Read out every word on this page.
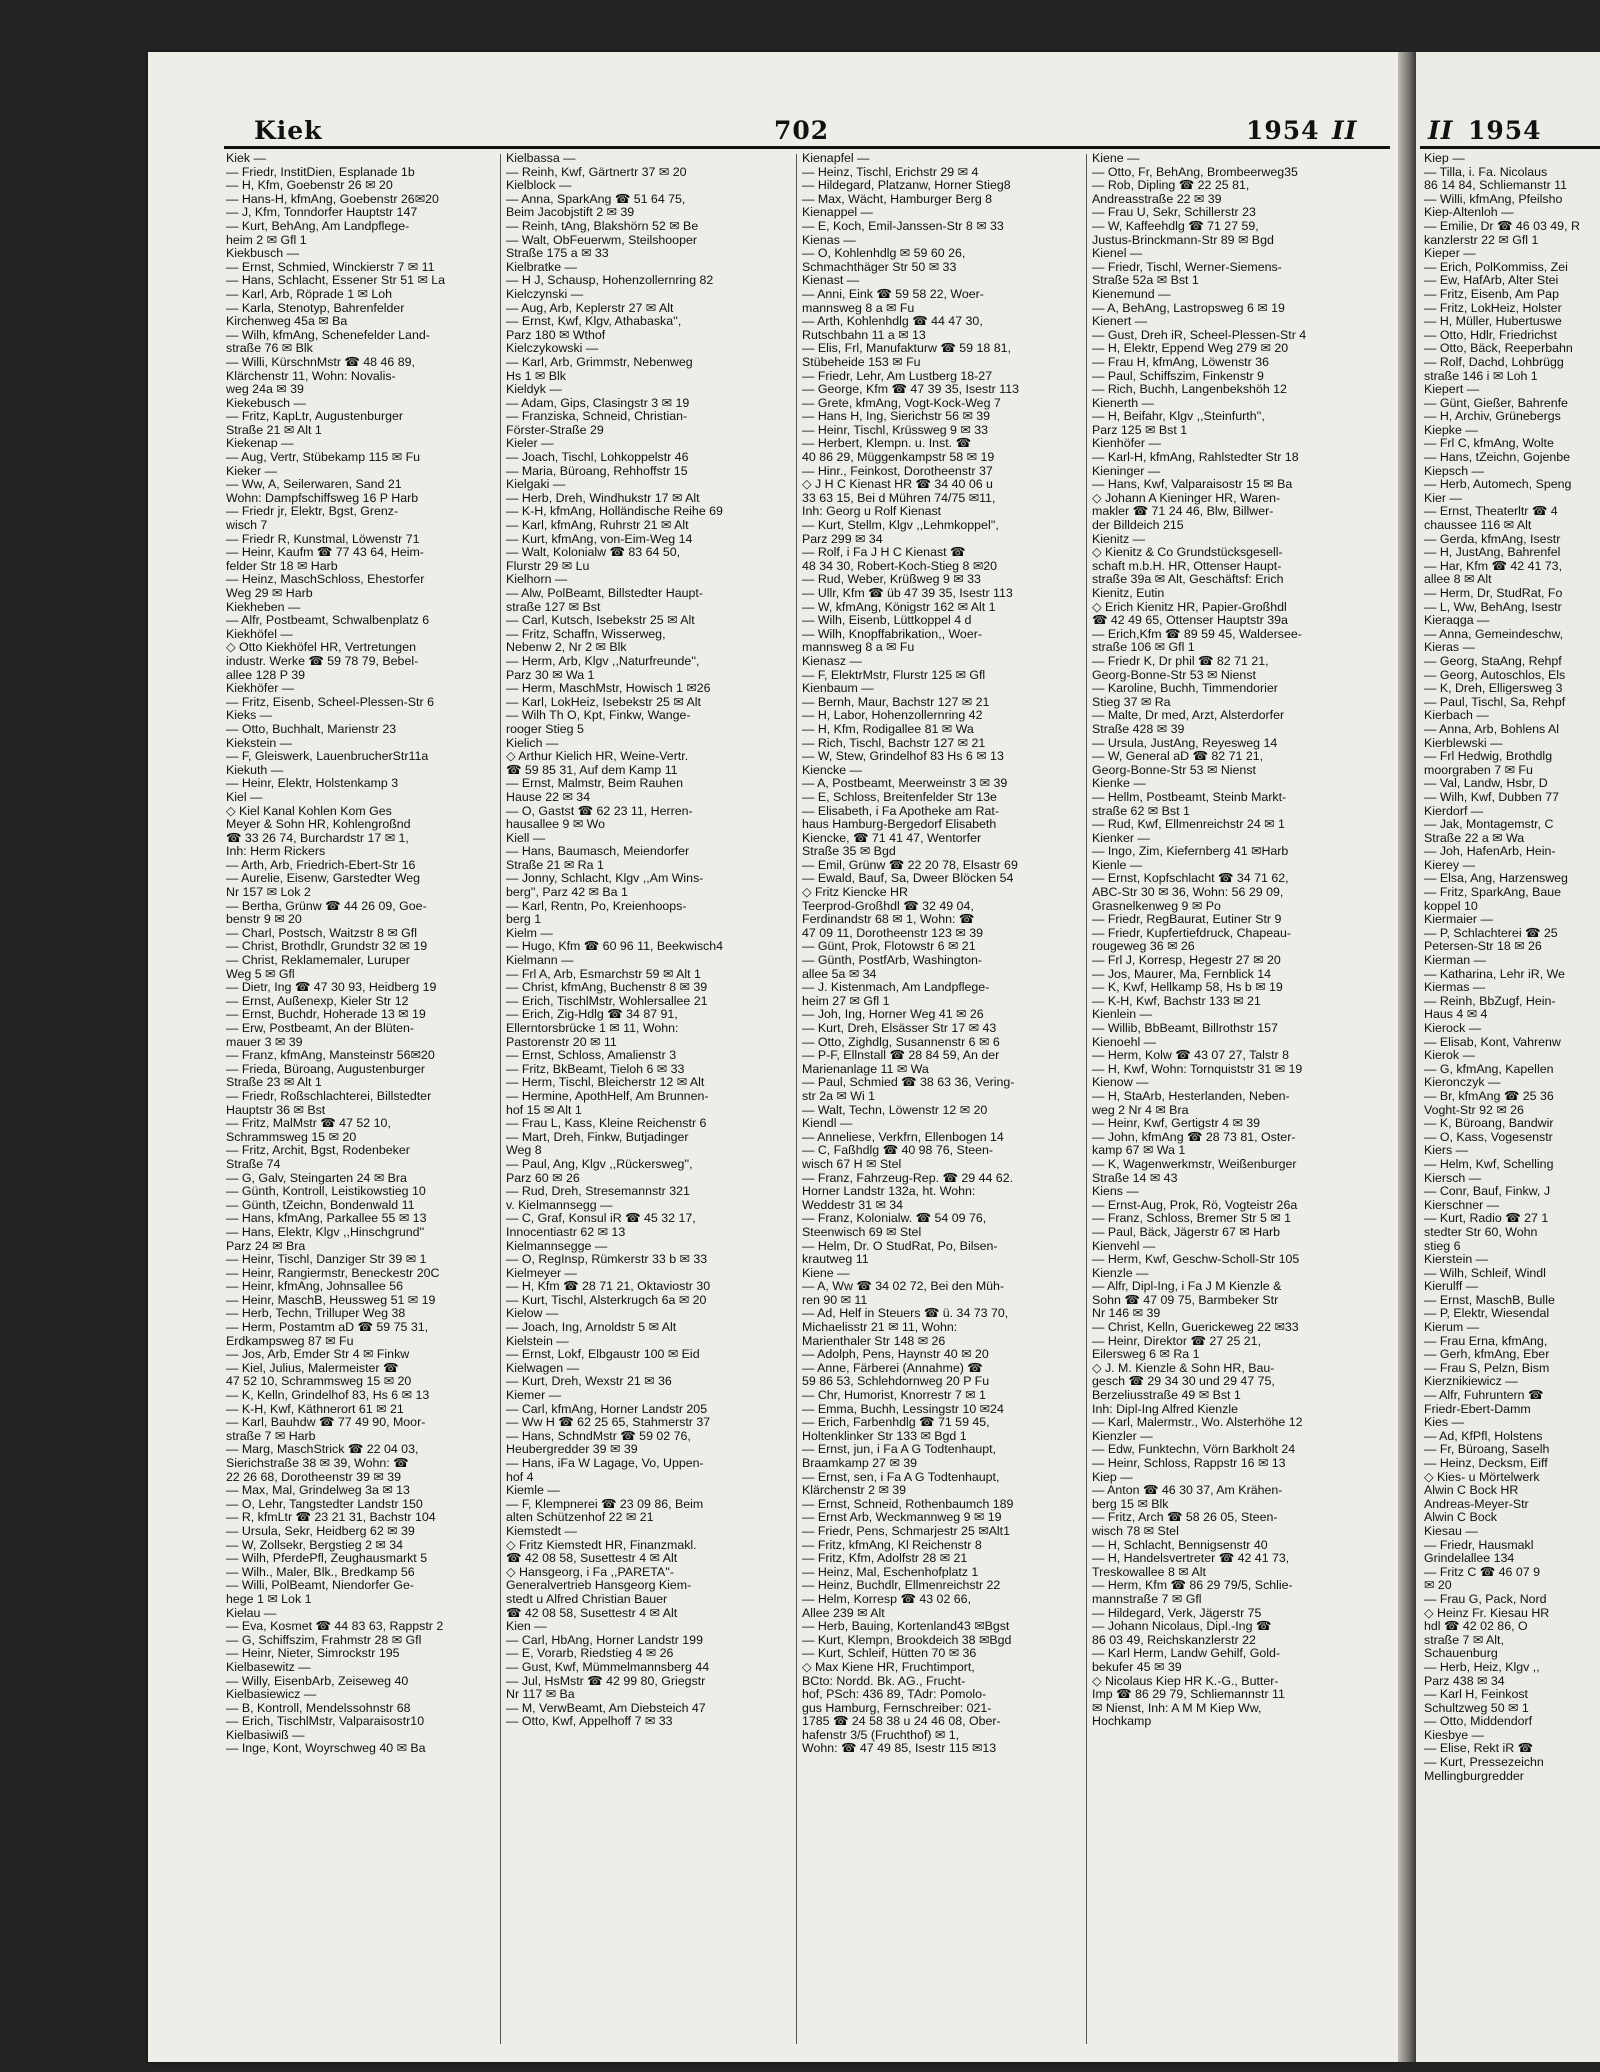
Kiek	702	1954 II	II 1954
Kiek —
— Friedr, InstitDien, Esplanade 1b
— H, Kfm, Goebenstr 26 ✉ 20
— Hans-H, kfmAng, Goebenstr 26✉20
— J, Kfm, Tonndorfer Hauptstr 147
— Kurt, BehAng, Am Landpflege-
heim 2 ✉ Gfl 1
Kiekbusch —
— Ernst, Schmied, Winckierstr 7 ✉ 11
— Hans, Schlacht, Essener Str 51 ✉ La
— Karl, Arb, Röprade 1 ✉ Loh
— Karla, Stenotyp, Bahrenfelder
Kirchenweg 45a ✉ Ba
— Wilh, kfmAng, Schenefelder Land-
straße 76 ✉ Blk
— Willi, KürschnMstr ☎ 48 46 89,
Klärchenstr 11, Wohn: Novalis-
weg 24a ✉ 39
Kiekebusch —
— Fritz, KapLtr, Augustenburger
Straße 21 ✉ Alt 1
Kiekenap —
— Aug, Vertr, Stübekamp 115 ✉ Fu
Kieker —
— Ww, A, Seilerwaren, Sand 21
Wohn: Dampfschiffsweg 16 P Harb
— Friedr jr, Elektr, Bgst, Grenz-
wisch 7
— Friedr R, Kunstmal, Löwenstr 71
— Heinr, Kaufm ☎ 77 43 64, Heim-
felder Str 18 ✉ Harb
— Heinz, MaschSchloss, Ehestorfer
Weg 29 ✉ Harb
Kiekheben —
— Alfr, Postbeamt, Schwalbenplatz 6
Kiekhöfel —
◇ Otto Kiekhöfel HR, Vertretungen
industr. Werke ☎ 59 78 79, Bebel-
allee 128 P 39
Kiekhöfer —
— Fritz, Eisenb, Scheel-Plessen-Str 6
Kieks —
— Otto, Buchhalt, Marienstr 23
Kiekstein —
— F, Gleiswerk, LauenbrucherStr11a
Kiekuth —
— Heinr, Elektr, Holstenkamp 3
Kiel —
◇ Kiel Kanal Kohlen Kom Ges
Meyer & Sohn HR, Kohlengroßnd
☎ 33 26 74, Burchardstr 17 ✉ 1,
Inh: Herm Rickers
— Arth, Arb, Friedrich-Ebert-Str 16
— Aurelie, Eisenw, Garstedter Weg
Nr 157 ✉ Lok 2
— Bertha, Grünw ☎ 44 26 09, Goe-
benstr 9 ✉ 20
— Charl, Postsch, Waitzstr 8 ✉ Gfl
— Christ, Brothdlr, Grundstr 32 ✉ 19
— Christ, Reklamemaler, Luruper
Weg 5 ✉ Gfl
— Dietr, Ing ☎ 47 30 93, Heidberg 19
— Ernst, Außenexp, Kieler Str 12
— Ernst, Buchdr, Hoherade 13 ✉ 19
— Erw, Postbeamt, An der Blüten-
mauer 3 ✉ 39
— Franz, kfmAng, Mansteinstr 56✉20
— Frieda, Büroang, Augustenburger
Straße 23 ✉ Alt 1
— Friedr, Roßschlachterei, Billstedter
Hauptstr 36 ✉ Bst
— Fritz, MalMstr ☎ 47 52 10,
Schrammsweg 15 ✉ 20
— Fritz, Archit, Bgst, Rodenbeker
Straße 74
— G, Galv, Steingarten 24 ✉ Bra
— Günth, Kontroll, Leistikowstieg 10
— Günth, tZeichn, Bondenwald 11
— Hans, kfmAng, Parkallee 55 ✉ 13
— Hans, Elektr, Klgv ,,Hinschgrund''
Parz 24 ✉ Bra
— Heinr, Tischl, Danziger Str 39 ✉ 1
— Heinr, Rangiermstr, Beneckestr 20C
— Heinr, kfmAng, Johnsallee 56
— Heinr, MaschB, Heussweg 51 ✉ 19
— Herb, Techn, Trilluper Weg 38
— Herm, Postamtm aD ☎ 59 75 31,
Erdkampsweg 87 ✉ Fu
— Jos, Arb, Emder Str 4 ✉ Finkw
— Kiel, Julius, Malermeister ☎
47 52 10, Schrammsweg 15 ✉ 20
— K, Kelln, Grindelhof 83, Hs 6 ✉ 13
— K-H, Kwf, Käthnerort 61 ✉ 21
— Karl, Bauhdw ☎ 77 49 90, Moor-
straße 7 ✉ Harb
— Marg, MaschStrick ☎ 22 04 03,
Sierichstraße 38 ✉ 39, Wohn: ☎
22 26 68, Dorotheenstr 39 ✉ 39
— Max, Mal, Grindelweg 3a ✉ 13
— O, Lehr, Tangstedter Landstr 150
— R, kfmLtr ☎ 23 21 31, Bachstr 104
— Ursula, Sekr, Heidberg 62 ✉ 39
— W, Zollsekr, Bergstieg 2 ✉ 34
— Wilh, PferdePfl, Zeughausmarkt 5
— Wilh., Maler, Blk., Bredkamp 56
— Willi, PolBeamt, Niendorfer Ge-
hege 1 ✉ Lok 1
Kielau —
— Eva, Kosmet ☎ 44 83 63, Rappstr 2
— G, Schiffszim, Frahmstr 28 ✉ Gfl
— Heinr, Nieter, Simrockstr 195
Kielbasewitz —
— Willy, EisenbArb, Zeiseweg 40
Kielbasiewicz —
— B, Kontroll, Mendelssohnstr 68
— Erich, TischlMstr, Valparaisostr10
Kielbasiwiß —
— Inge, Kont, Woyrschweg 40 ✉ Ba
Kielbassa —
— Reinh, Kwf, Gärtnertr 37 ✉ 20
Kielblock —
— Anna, SparkAng ☎ 51 64 75,
Beim Jacobjstift 2 ✉ 39
— Reinh, tAng, Blakshörn 52 ✉ Be
— Walt, ObFeuerwm, Steilshooper
Straße 175 a ✉ 33
Kielbratke —
— H J, Schausp, Hohenzollernring 82
Kielczynski —
— Aug, Arb, Keplerstr 27 ✉ Alt
— Ernst, Kwf, Klgv, Athabaska'',
Parz 180 ✉ Wthof
Kielczykowski —
— Karl, Arb, Grimmstr, Nebenweg
Hs 1 ✉ Blk
Kieldyk —
— Adam, Gips, Clasingstr 3 ✉ 19
— Franziska, Schneid, Christian-
Förster-Straße 29
Kieler —
— Joach, Tischl, Lohkoppelstr 46
— Maria, Büroang, Rehhoffstr 15
Kielgaki —
— Herb, Dreh, Windhukstr 17 ✉ Alt
— K-H, kfmAng, Holländische Reihe 69
— Karl, kfmAng, Ruhrstr 21 ✉ Alt
— Kurt, kfmAng, von-Eim-Weg 14
— Walt, Kolonialw ☎ 83 64 50,
Flurstr 29 ✉ Lu
Kielhorn —
— Alw, PolBeamt, Billstedter Haupt-
straße 127 ✉ Bst
— Carl, Kutsch, Isebekstr 25 ✉ Alt
— Fritz, Schaffn, Wisserweg,
Nebenw 2, Nr 2 ✉ Blk
— Herm, Arb, Klgv ,,Naturfreunde'',
Parz 30 ✉ Wa 1
— Herm, MaschMstr, Howisch 1 ✉26
— Karl, LokHeiz, Isebekstr 25 ✉ Alt
— Wilh Th O, Kpt, Finkw, Wange-
rooger Stieg 5
Kielich —
◇ Arthur Kielich HR, Weine-Vertr.
☎ 59 85 31, Auf dem Kamp 11
— Ernst, Malmstr, Beim Rauhen
Hause 22 ✉ 34
— O, Gastst ☎ 62 23 11, Herren-
hausallee 9 ✉ Wo
Kiell —
— Hans, Baumasch, Meiendorfer
Straße 21 ✉ Ra 1
— Jonny, Schlacht, Klgv ,,Am Wins-
berg'', Parz 42 ✉ Ba 1
— Karl, Rentn, Po, Kreienhoops-
berg 1
Kielm —
— Hugo, Kfm ☎ 60 96 11, Beekwisch4
Kielmann —
— Frl A, Arb, Esmarchstr 59 ✉ Alt 1
— Christ, kfmAng, Buchenstr 8 ✉ 39
— Erich, TischlMstr, Wohlersallee 21
— Erich, Zig-Hdlg ☎ 34 87 91,
Ellerntorsbrücke 1 ✉ 11, Wohn:
Pastorenstr 20 ✉ 11
— Ernst, Schloss, Amalienstr 3
— Fritz, BkBeamt, Tieloh 6 ✉ 33
— Herm, Tischl, Bleicherstr 12 ✉ Alt
— Hermine, ApothHelf, Am Brunnen-
hof 15 ✉ Alt 1
— Frau L, Kass, Kleine Reichenstr 6
— Mart, Dreh, Finkw, Butjadinger
Weg 8
— Paul, Ang, Klgv ,,Rückersweg'',
Parz 60 ✉ 26
— Rud, Dreh, Stresemannstr 321
v. Kielmannsegg —
— C, Graf, Konsul iR ☎ 45 32 17,
Innocentiastr 62 ✉ 13
Kielmannsegge —
— O, RegInsp, Rümkerstr 33 b ✉ 33
Kielmeyer —
— H, Kfm ☎ 28 71 21, Oktaviostr 30
— Kurt, Tischl, Alsterkrugch 6a ✉ 20
Kielow —
— Joach, Ing, Arnoldstr 5 ✉ Alt
Kielstein —
— Ernst, Lokf, Elbgaustr 100 ✉ Eid
Kielwagen —
— Kurt, Dreh, Wexstr 21 ✉ 36
Kiemer —
— Carl, kfmAng, Horner Landstr 205
— Ww H ☎ 62 25 65, Stahmerstr 37
— Hans, SchndMstr ☎ 59 02 76,
Heubergredder 39 ✉ 39
— Hans, iFa W Lagage, Vo, Uppen-
hof 4
Kiemle —
— F, Klempnerei ☎ 23 09 86, Beim
alten Schützenhof 22 ✉ 21
Kiemstedt —
◇ Fritz Kiemstedt HR, Finanzmakl.
☎ 42 08 58, Susettestr 4 ✉ Alt
◇ Hansgeorg, i Fa ,,PARETA''-
Generalvertrieb Hansgeorg Kiem-
stedt u Alfred Christian Bauer
☎ 42 08 58, Susettestr 4 ✉ Alt
Kien —
— Carl, HbAng, Horner Landstr 199
— E, Vorarb, Riedstieg 4 ✉ 26
— Gust, Kwf, Mümmelmannsberg 44
— Jul, HsMstr ☎ 42 99 80, Griegstr
Nr 117 ✉ Ba
— M, VerwBeamt, Am Diebsteich 47
— Otto, Kwf, Appelhoff 7 ✉ 33
Kienapfel —
— Heinz, Tischl, Erichstr 29 ✉ 4
— Hildegard, Platzanw, Horner Stieg8
— Max, Wächt, Hamburger Berg 8
Kienappel —
— E, Koch, Emil-Janssen-Str 8 ✉ 33
Kienas —
— O, Kohlenhdlg ✉ 59 60 26,
Schmachthäger Str 50 ✉ 33
Kienast —
— Anni, Eink ☎ 59 58 22, Woer-
mannsweg 8 a ✉ Fu
— Arth, Kohlenhdlg ☎ 44 47 30,
Rutschbahn 11 a ✉ 13
— Elis, Frl, Manufakturw ☎ 59 18 81,
Stübeheide 153 ✉ Fu
— Friedr, Lehr, Am Lustberg 18-27
— George, Kfm ☎ 47 39 35, Isestr 113
— Grete, kfmAng, Vogt-Kock-Weg 7
— Hans H, Ing, Sierichstr 56 ✉ 39
— Heinr, Tischl, Krüssweg 9 ✉ 33
— Herbert, Klempn. u. Inst. ☎
40 86 29, Müggenkampstr 58 ✉ 19
— Hinr., Feinkost, Dorotheenstr 37
◇ J H C Kienast HR ☎ 34 40 06 u
33 63 15, Bei d Mühren 74/75 ✉11,
Inh: Georg u Rolf Kienast
— Kurt, Stellm, Klgv ,,Lehmkoppel'',
Parz 299 ✉ 34
— Rolf, i Fa J H C Kienast ☎
48 34 30, Robert-Koch-Stieg 8 ✉20
— Rud, Weber, Krüßweg 9 ✉ 33
— Ullr, Kfm ☎ üb 47 39 35, Isestr 113
— W, kfmAng, Königstr 162 ✉ Alt 1
— Wilh, Eisenb, Lüttkoppel 4 d
— Wilh, Knopffabrikation,, Woer-
mannsweg 8 a ✉ Fu
Kienasz —
— F, ElektrMstr, Flurstr 125 ✉ Gfl
Kienbaum —
— Bernh, Maur, Bachstr 127 ✉ 21
— H, Labor, Hohenzollernring 42
— H, Kfm, Rodigallee 81 ✉ Wa
— Rich, Tischl, Bachstr 127 ✉ 21
— W, Stew, Grindelhof 83 Hs 6 ✉ 13
Kiencke —
— A, Postbeamt, Meerweinstr 3 ✉ 39
— E, Schloss, Breitenfelder Str 13e
— Elisabeth, i Fa Apotheke am Rat-
haus Hamburg-Bergedorf Elisabeth
Kiencke, ☎ 71 41 47, Wentorfer
Straße 35 ✉ Bgd
— Emil, Grünw ☎ 22 20 78, Elsastr 69
— Ewald, Bauf, Sa, Dweer Blöcken 54
◇ Fritz Kiencke HR
Teerprod-Großhdl ☎ 32 49 04,
Ferdinandstr 68 ✉ 1, Wohn: ☎
47 09 11, Dorotheenstr 123 ✉ 39
— Günt, Prok, Flotowstr 6 ✉ 21
— Günth, PostfArb, Washington-
allee 5a ✉ 34
— J. Kistenmach, Am Landpflege-
heim 27 ✉ Gfl 1
— Joh, Ing, Horner Weg 41 ✉ 26
— Kurt, Dreh, Elsässer Str 17 ✉ 43
— Otto, Zighdlg, Susannenstr 6 ✉ 6
— P-F, Ellnstall ☎ 28 84 59, An der
Marienanlage 11 ✉ Wa
— Paul, Schmied ☎ 38 63 36, Vering-
str 2a ✉ Wi 1
— Walt, Techn, Löwenstr 12 ✉ 20
Kiendl —
— Anneliese, Verkfrn, Ellenbogen 14
— C, Faßhdlg ☎ 40 98 76, Steen-
wisch 67 H ✉ Stel
— Franz, Fahrzeug-Rep. ☎ 29 44 62.
Horner Landstr 132a, ht. Wohn:
Weddestr 31 ✉ 34
— Franz, Kolonialw. ☎ 54 09 76,
Steenwisch 69 ✉ Stel
— Helm, Dr. O StudRat, Po, Bilsen-
krautweg 11
Kiene —
— A, Ww ☎ 34 02 72, Bei den Müh-
ren 90 ✉ 11
— Ad, Helf in Steuers ☎ ü. 34 73 70,
Michaelisstr 21 ✉ 11, Wohn:
Marienthaler Str 148 ✉ 26
— Adolph, Pens, Haynstr 40 ✉ 20
— Anne, Färberei (Annahme) ☎
59 86 53, Schlehdornweg 20 P Fu
— Chr, Humorist, Knorrestr 7 ✉ 1
— Emma, Buchh, Lessingstr 10 ✉24
— Erich, Farbenhdlg ☎ 71 59 45,
Holtenklinker Str 133 ✉ Bgd 1
— Ernst, jun, i Fa A G Todtenhaupt,
Braamkamp 27 ✉ 39
— Ernst, sen, i Fa A G Todtenhaupt,
Klärchenstr 2 ✉ 39
— Ernst, Schneid, Rothenbaumch 189
— Ernst Arb, Weckmannweg 9 ✉ 19
— Friedr, Pens, Schmarjestr 25 ✉Alt1
— Fritz, kfmAng, Kl Reichenstr 8
— Fritz, Kfm, Adolfstr 28 ✉ 21
— Heinz, Mal, Eschenhofplatz 1
— Heinz, Buchdlr, Ellmenreichstr 22
— Helm, Korresp ☎ 43 02 66,
Allee 239 ✉ Alt
— Herb, Bauing, Kortenland43 ✉Bgst
— Kurt, Klempn, Brookdeich 38 ✉Bgd
— Kurt, Schleif, Hütten 70 ✉ 36
◇ Max Kiene HR, Fruchtimport,
BCto: Nordd. Bk. AG., Frucht-
hof, PSch: 436 89, TAdr: Pomolo-
gus Hamburg, Fernschreiber: 021-
1785 ☎ 24 58 38 u 24 46 08, Ober-
hafenstr 3/5 (Fruchthof) ✉ 1,
Wohn: ☎ 47 49 85, Isestr 115 ✉13
Kiene —
— Otto, Fr, BehAng, Brombeerweg35
— Rob, Dipling ☎ 22 25 81,
Andreasstraße 22 ✉ 39
— Frau U, Sekr, Schillerstr 23
— W, Kaffeehdlg ☎ 71 27 59,
Justus-Brinckmann-Str 89 ✉ Bgd
Kienel —
— Friedr, Tischl, Werner-Siemens-
Straße 52a ✉ Bst 1
Kienemund —
— A, BehAng, Lastropsweg 6 ✉ 19
Kienert —
— Gust, Dreh iR, Scheel-Plessen-Str 4
— H, Elektr, Eppend Weg 279 ✉ 20
— Frau H, kfmAng, Löwenstr 36
— Paul, Schiffszim, Finkenstr 9
— Rich, Buchh, Langenbekshöh 12
Kienerth —
— H, Beifahr, Klgv ,,Steinfurth'',
Parz 125 ✉ Bst 1
Kienhöfer —
— Karl-H, kfmAng, Rahlstedter Str 18
Kieninger —
— Hans, Kwf, Valparaisostr 15 ✉ Ba
◇ Johann A Kieninger HR, Waren-
makler ☎ 71 24 46, Blw, Billwer-
der Billdeich 215
Kienitz —
◇ Kienitz & Co Grundstücksgesell-
schaft m.b.H. HR, Ottenser Haupt-
straße 39a ✉ Alt, Geschäftsf: Erich
Kienitz, Eutin
◇ Erich Kienitz HR, Papier-Großhdl
☎ 42 49 65, Ottenser Hauptstr 39a
— Erich,Kfm ☎ 89 59 45, Waldersee-
straße 106 ✉ Gfl 1
— Friedr K, Dr phil ☎ 82 71 21,
Georg-Bonne-Str 53 ✉ Nienst
— Karoline, Buchh, Timmendorier
Stieg 37 ✉ Ra
— Malte, Dr med, Arzt, Alsterdorfer
Straße 428 ✉ 39
— Ursula, JustAng, Reyesweg 14
— W, General aD ☎ 82 71 21,
Georg-Bonne-Str 53 ✉ Nienst
Kienke —
— Hellm, Postbeamt, Steinb Markt-
straße 62 ✉ Bst 1
— Rud, Kwf, Ellmenreichstr 24 ✉ 1
Kienker —
— Ingo, Zim, Kiefernberg 41 ✉Harb
Kienle —
— Ernst, Kopfschlacht ☎ 34 71 62,
ABC-Str 30 ✉ 36, Wohn: 56 29 09,
Grasnelkenweg 9 ✉ Po
— Friedr, RegBaurat, Eutiner Str 9
— Friedr, Kupfertiefdruck, Chapeau-
rougeweg 36 ✉ 26
— Frl J, Korresp, Hegestr 27 ✉ 20
— Jos, Maurer, Ma, Fernblick 14
— K, Kwf, Hellkamp 58, Hs b ✉ 19
— K-H, Kwf, Bachstr 133 ✉ 21
Kienlein —
— Willib, BbBeamt, Billrothstr 157
Kienoehl —
— Herm, Kolw ☎ 43 07 27, Talstr 8
— H, Kwf, Wohn: Tornquiststr 31 ✉ 19
Kienow —
— H, StaArb, Hesterlanden, Neben-
weg 2 Nr 4 ✉ Bra
— Heinr, Kwf, Gertigstr 4 ✉ 39
— John, kfmAng ☎ 28 73 81, Oster-
kamp 67 ✉ Wa 1
— K, Wagenwerkmstr, Weißenburger
Straße 14 ✉ 43
Kiens —
— Ernst-Aug, Prok, Rö, Vogteistr 26a
— Franz, Schloss, Bremer Str 5 ✉ 1
— Paul, Bäck, Jägerstr 67 ✉ Harb
Kienvehl —
— Herm, Kwf, Geschw-Scholl-Str 105
Kienzle —
— Alfr, Dipl-Ing, i Fa J M Kienzle &
Sohn ☎ 47 09 75, Barmbeker Str
Nr 146 ✉ 39
— Christ, Kelln, Guerickeweg 22 ✉33
— Heinr, Direktor ☎ 27 25 21,
Eilersweg 6 ✉ Ra 1
◇ J. M. Kienzle & Sohn HR, Bau-
gesch ☎ 29 34 30 und 29 47 75,
Berzeliusstraße 49 ✉ Bst 1
Inh: Dipl-Ing Alfred Kienzle
— Karl, Malermstr., Wo. Alsterhöhe 12
Kienzler —
— Edw, Funktechn, Vörn Barkholt 24
— Heinr, Schloss, Rappstr 16 ✉ 13
Kiep —
— Anton ☎ 46 30 37, Am Krähen-
berg 15 ✉ Blk
— Fritz, Arch ☎ 58 26 05, Steen-
wisch 78 ✉ Stel
— H, Schlacht, Bennigsenstr 40
— H, Handelsvertreter ☎ 42 41 73,
Treskowallee 8 ✉ Alt
— Herm, Kfm ☎ 86 29 79/5, Schlie-
mannstraße 7 ✉ Gfl
— Hildegard, Verk, Jägerstr 75
— Johann Nicolaus, Dipl.-Ing ☎
86 03 49, Reichskanzlerstr 22
— Karl Herm, Landw Gehilf, Gold-
bekufer 45 ✉ 39
◇ Nicolaus Kiep HR K.-G., Butter-
Imp ☎ 86 29 79, Schliemannstr 11
✉ Nienst, Inh: A M M Kiep Ww,
Hochkamp
Kiep —
— Tilla, i. Fa. Nicolaus
86 14 84, Schliemanstr 11
— Willi, kfmAng, Pfeilsho
Kiep-Altenloh —
— Emilie, Dr ☎ 46 03 49, R
kanzlerstr 22 ✉ Gfl 1
Kieper —
— Erich, PolKommiss, Zei
— Ew, HafArb, Alter Stei
— Fritz, Eisenb, Am Pap
— Fritz, LokHeiz, Holster
— H, Müller, Hubertuswe
— Otto, Hdlr, Friedrichst
— Otto, Bäck, Reeperbahn
— Rolf, Dachd, Lohbrügg
straße 146 i ✉ Loh 1
Kiepert —
— Günt, Gießer, Bahrenfe
— H, Archiv, Grünebergs
Kiepke —
— Frl C, kfmAng, Wolte
— Hans, tZeichn, Gojenbe
Kiepsch —
— Herb, Automech, Speng
Kier —
— Ernst, Theaterltr ☎ 4
chaussee 116 ✉ Alt
— Gerda, kfmAng, Isestr
— H, JustAng, Bahrenfel
— Har, Kfm ☎ 42 41 73,
allee 8 ✉ Alt
— Herm, Dr, StudRat, Fo
— L, Ww, BehAng, Isestr
Kieraqga —
— Anna, Gemeindeschw,
Kieras —
— Georg, StaAng, Rehpf
— Georg, Autoschlos, Els
— K, Dreh, Elligersweg 3
— Paul, Tischl, Sa, Rehpf
Kierbach —
— Anna, Arb, Bohlens Al
Kierblewski —
— Frl Hedwig, Brothdlg
moorgraben 7 ✉ Fu
— Val, Landw, Hsbr, D
— Wilh, Kwf, Dubben 77
Kierdorf —
— Jak, Montagemstr, C
Straße 22 a ✉ Wa
— Joh, HafenArb, Hein-
Kierey —
— Elsa, Ang, Harzensweg
— Fritz, SparkAng, Baue
koppel 10
Kiermaier —
— P, Schlachterei ☎ 25
Petersen-Str 18 ✉ 26
Kierman —
— Katharina, Lehr iR, We
Kiermas —
— Reinh, BbZugf, Hein-
Haus 4 ✉ 4
Kierock —
— Elisab, Kont, Vahrenw
Kierok —
— G, kfmAng, Kapellen
Kieronczyk —
— Br, kfmAng ☎ 25 36
Voght-Str 92 ✉ 26
— K, Büroang, Bandwir
— O, Kass, Vogesenstr
Kiers —
— Helm, Kwf, Schelling
Kiersch —
— Conr, Bauf, Finkw, J
Kierschner —
— Kurt, Radio ☎ 27 1
stedter Str 60, Wohn
stieg 6
Kierstein —
— Wilh, Schleif, Windl
Kierulff —
— Ernst, MaschB, Bulle
— P, Elektr, Wiesendal
Kierum —
— Frau Erna, kfmAng,
— Gerh, kfmAng, Eber
— Frau S, Pelzn, Bism
Kierznikiewicz —
— Alfr, Fuhruntern ☎
Friedr-Ebert-Damm
Kies —
— Ad, KfPfl, Holstens
— Fr, Büroang, Saselh
— Heinz, Decksm, Eiff
◇ Kies- u Mörtelwerk
Alwin C Bock HR
Andreas-Meyer-Str
Alwin C Bock
Kiesau —
— Friedr, Hausmakl
Grindelallee 134
— Fritz C ☎ 46 07 9
✉ 20
— Frau G, Pack, Nord
◇ Heinz Fr. Kiesau HR
hdl ☎ 42 02 86, O
straße 7 ✉ Alt,
Schauenburg
— Herb, Heiz, Klgv ,,
Parz 438 ✉ 34
— Karl H, Feinkost
Schultzweg 50 ✉ 1
— Otto, Middendorf
Kiesbye —
— Elise, Rekt iR ☎
— Kurt, Pressezeichn
Mellingburgredder
